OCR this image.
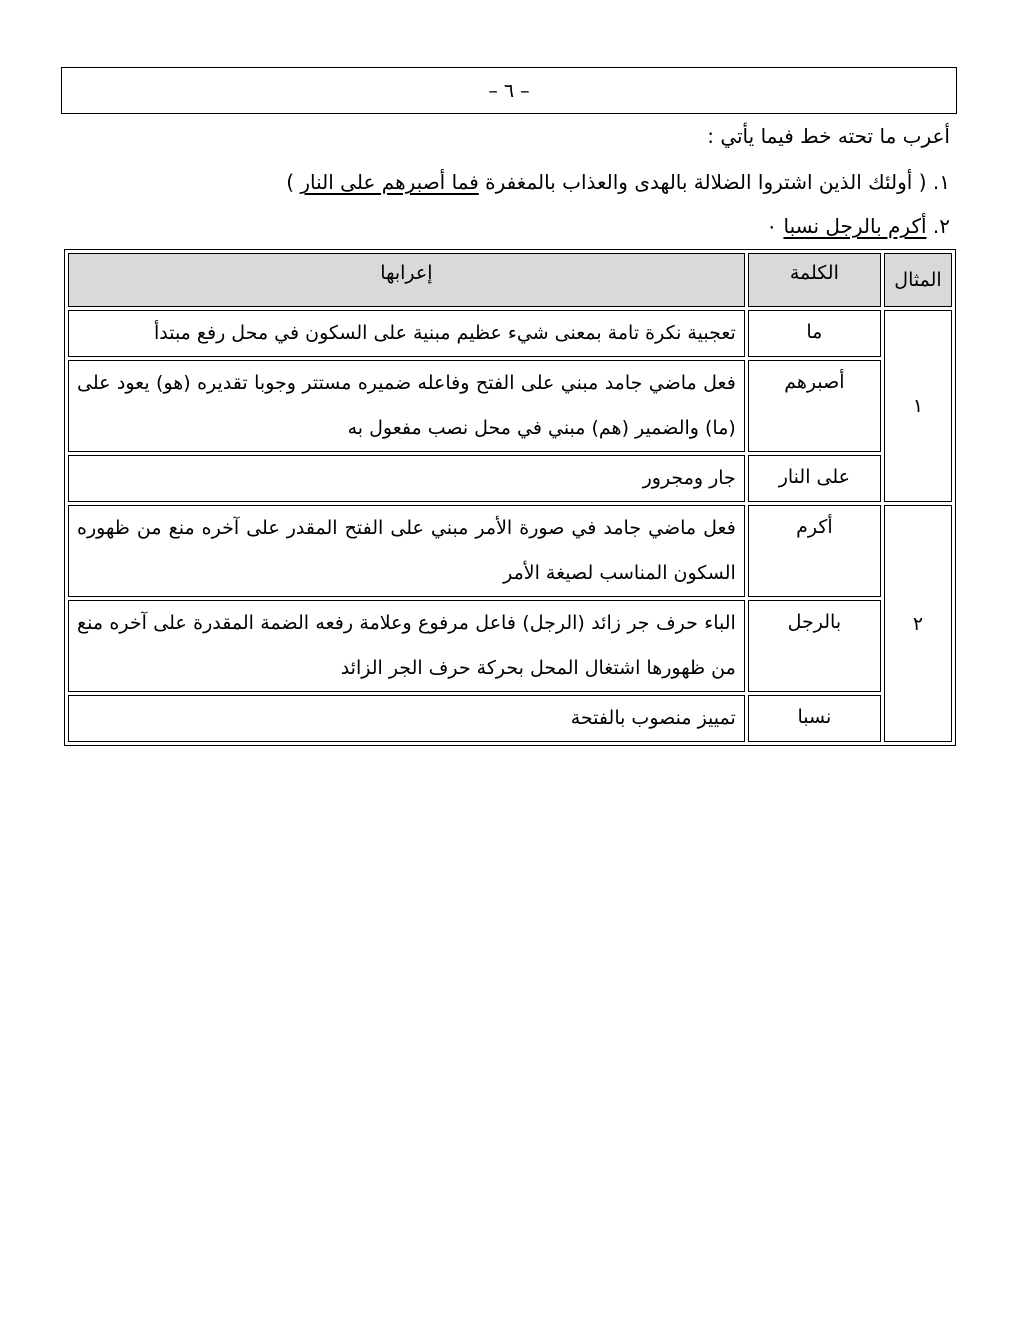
– ٦ –
أعرب ما تحته خط فيما يأتي :
١. ( أولئك الذين اشتروا الضلالة بالهدى والعذاب بالمغفرة فما أصبرهم على النار )
٢. أكرم بالرجل نسبا ٠
المثال	الكلمة	إعرابها
١	ما	تعجبية نكرة تامة بمعنى شيء عظيم مبنية على السكون في محل رفع مبتدأ
	أصبرهم	فعل ماضي جامد مبني على الفتح وفاعله ضميره مستتر وجوبا تقديره (هو) يعود على (ما) والضمير (هم) مبني في محل نصب مفعول به
	على النار	جار ومجرور
٢	أكرم	فعل ماضي جامد في صورة الأمر مبني على الفتح المقدر على آخره منع من ظهوره السكون المناسب لصيغة الأمر
	بالرجل	الباء حرف جر زائد (الرجل) فاعل مرفوع وعلامة رفعه الضمة المقدرة على آخره منع من ظهورها اشتغال المحل بحركة حرف الجر الزائد
	نسبا	تمييز منصوب بالفتحة
